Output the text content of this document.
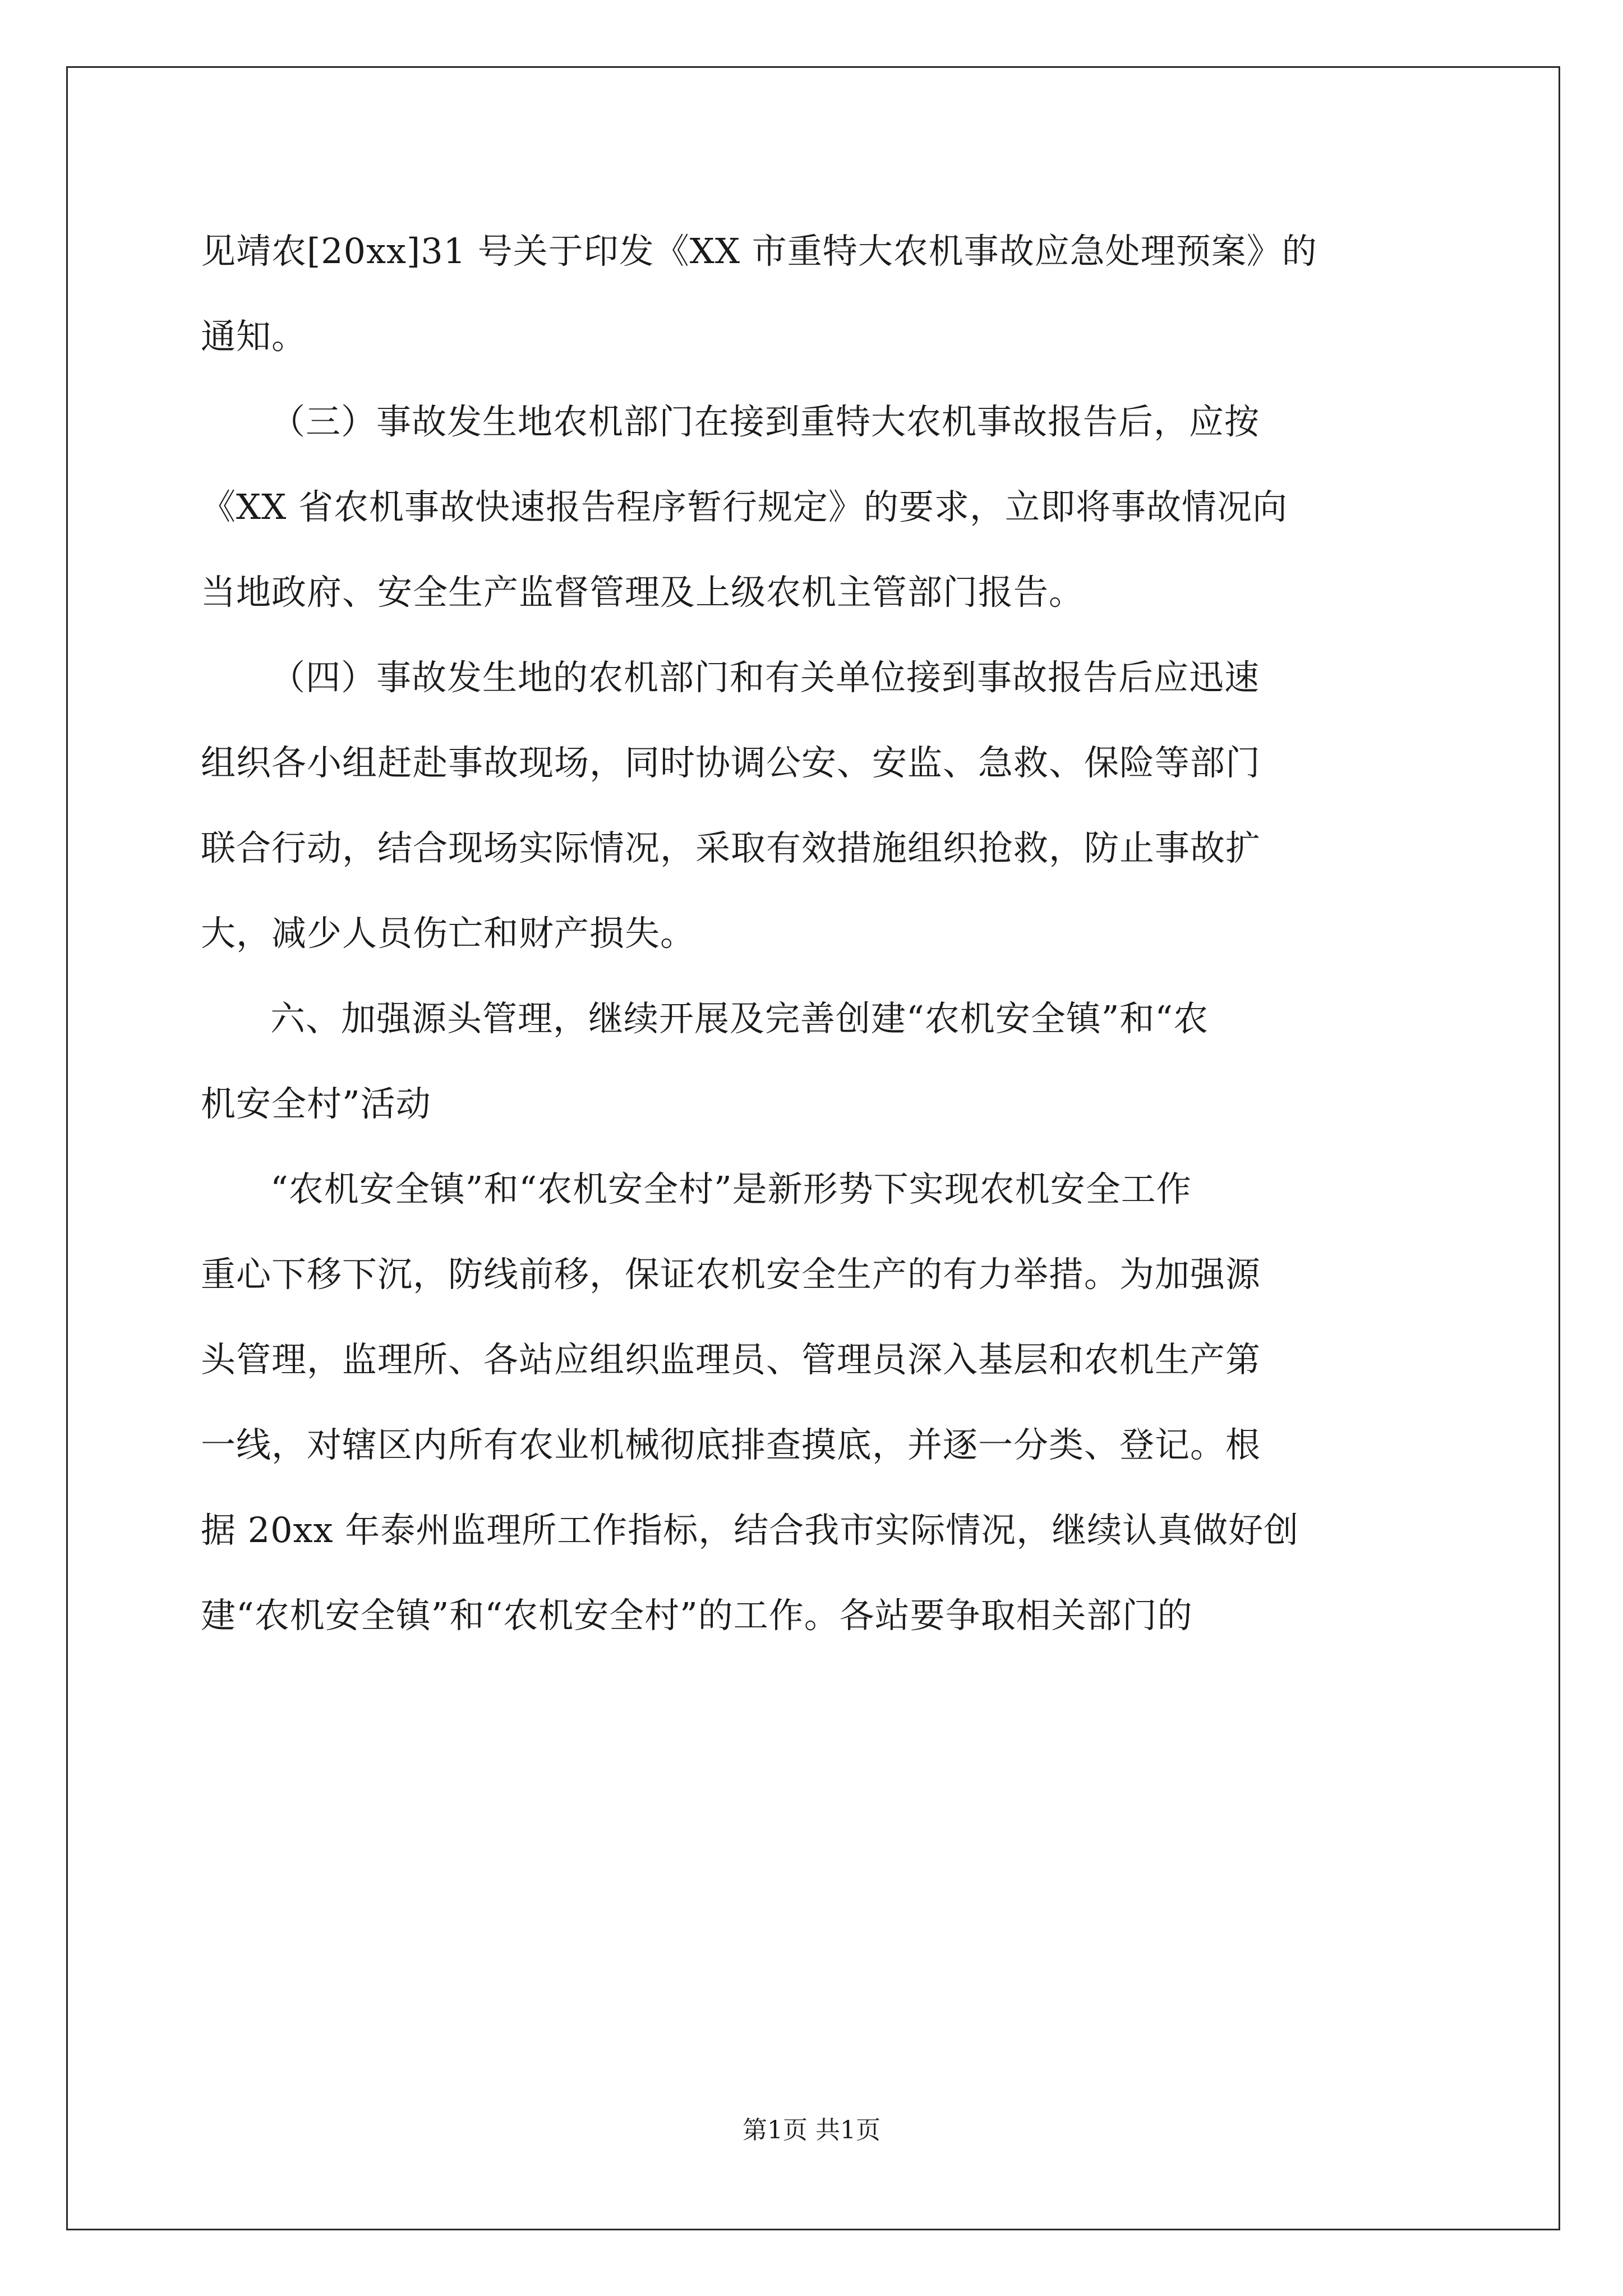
见靖农[20xx]31 号关于印发《XX 市重特大农机事故应急处理预案》的
通知。
（三）事故发生地农机部门在接到重特大农机事故报告后，应按
《XX 省农机事故快速报告程序暂行规定》的要求，立即将事故情况向
当地政府、安全生产监督管理及上级农机主管部门报告。
（四）事故发生地的农机部门和有关单位接到事故报告后应迅速
组织各小组赶赴事故现场，同时协调公安、安监、急救、保险等部门
联合行动，结合现场实际情况，采取有效措施组织抢救，防止事故扩
大，减少人员伤亡和财产损失。
六、加强源头管理，继续开展及完善创建“农机安全镇”和“农
机安全村”活动
“农机安全镇”和“农机安全村”是新形势下实现农机安全工作
重心下移下沉，防线前移，保证农机安全生产的有力举措。为加强源
头管理，监理所、各站应组织监理员、管理员深入基层和农机生产第
一线，对辖区内所有农业机械彻底排查摸底，并逐一分类、登记。根
据 20xx 年泰州监理所工作指标，结合我市实际情况，继续认真做好创
建“农机安全镇”和“农机安全村”的工作。各站要争取相关部门的
第1页 共1页
